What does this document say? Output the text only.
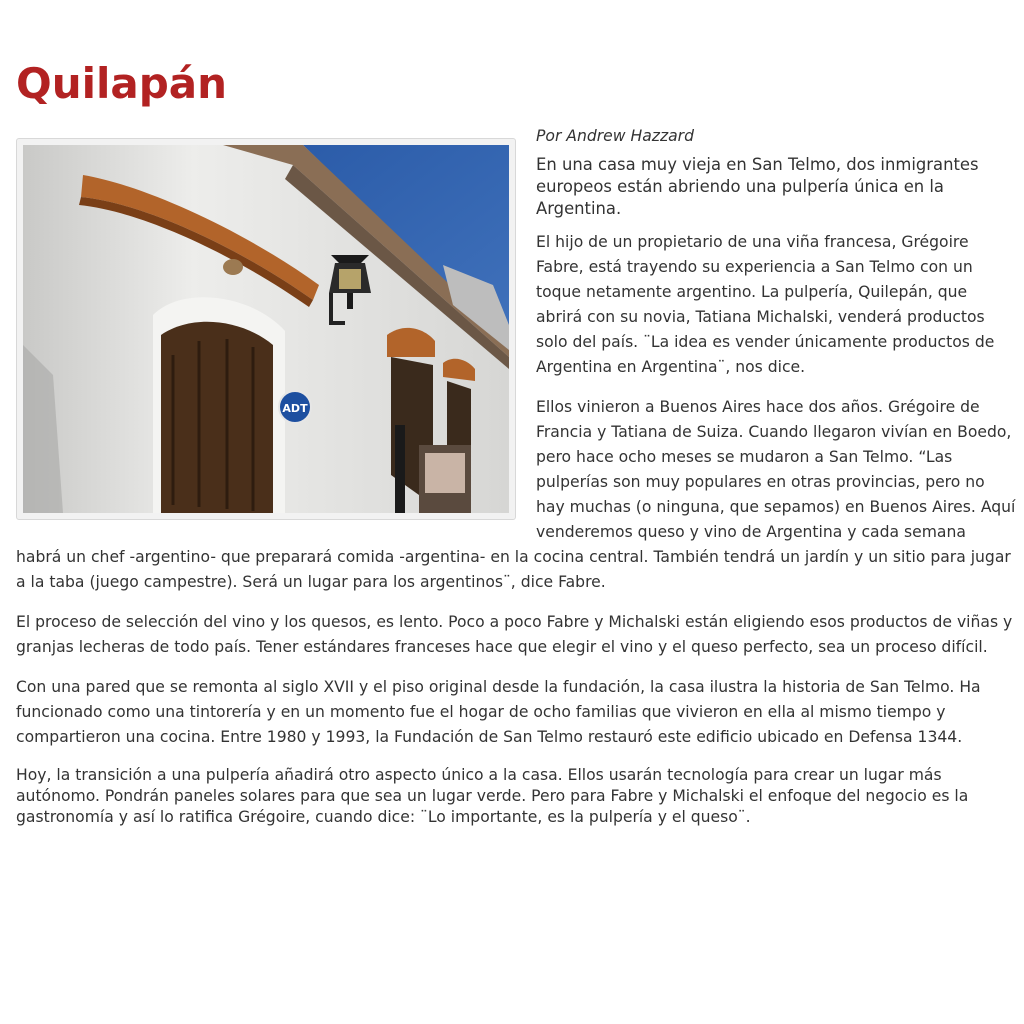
Quilapán
ADT

Por Andrew Hazzard

En una casa muy vieja en San Telmo, dos inmigrantes europeos están abriendo una pulpería única en la Argentina.

El hijo de un propietario de una viña francesa, Grégoire Fabre, está trayendo su experiencia a San Telmo con un toque netamente argentino. La pulpería, Quilepán, que abrirá con su novia, Tatiana Michalski, venderá productos solo del país. ¨La idea es vender únicamente productos de Argentina en Argentina¨, nos dice.

Ellos vinieron a Buenos Aires hace dos años. Grégoire de Francia y Tatiana de Suiza. Cuando llegaron vivían en Boedo, pero hace ocho meses se mudaron a San Telmo. “Las pulperías son muy populares en otras provincias, pero no hay muchas (o ninguna, que sepamos) en Buenos Aires. Aquí venderemos queso y vino de Argentina y cada semana habrá un chef -argentino- que preparará comida -argentina- en la cocina central. También tendrá un jardín y un sitio para jugar a la taba (juego campestre). Será un lugar para los argentinos¨, dice Fabre.

El proceso de selección del vino y los quesos, es lento. Poco a poco Fabre y Michalski están eligiendo esos productos de viñas y granjas lecheras de todo país. Tener estándares franceses hace que elegir el vino y el queso perfecto, sea un proceso difícil.

Con una pared que se remonta al siglo XVII y el piso original desde la fundación, la casa ilustra la historia de San Telmo. Ha funcionado como una tintorería y en un momento fue el hogar de ocho familias que vivieron en ella al mismo tiempo y compartieron una cocina. Entre 1980 y 1993, la Fundación de San Telmo restauró este edificio ubicado en Defensa 1344.

Hoy, la transición a una pulpería añadirá otro aspecto único a la casa. Ellos usarán tecnología para crear un lugar más autónomo. Pondrán paneles solares para que sea un lugar verde. Pero para Fabre y Michalski el enfoque del negocio es la gastronomía y así lo ratifica Grégoire, cuando dice: ¨Lo importante, es la pulpería y el queso¨.
